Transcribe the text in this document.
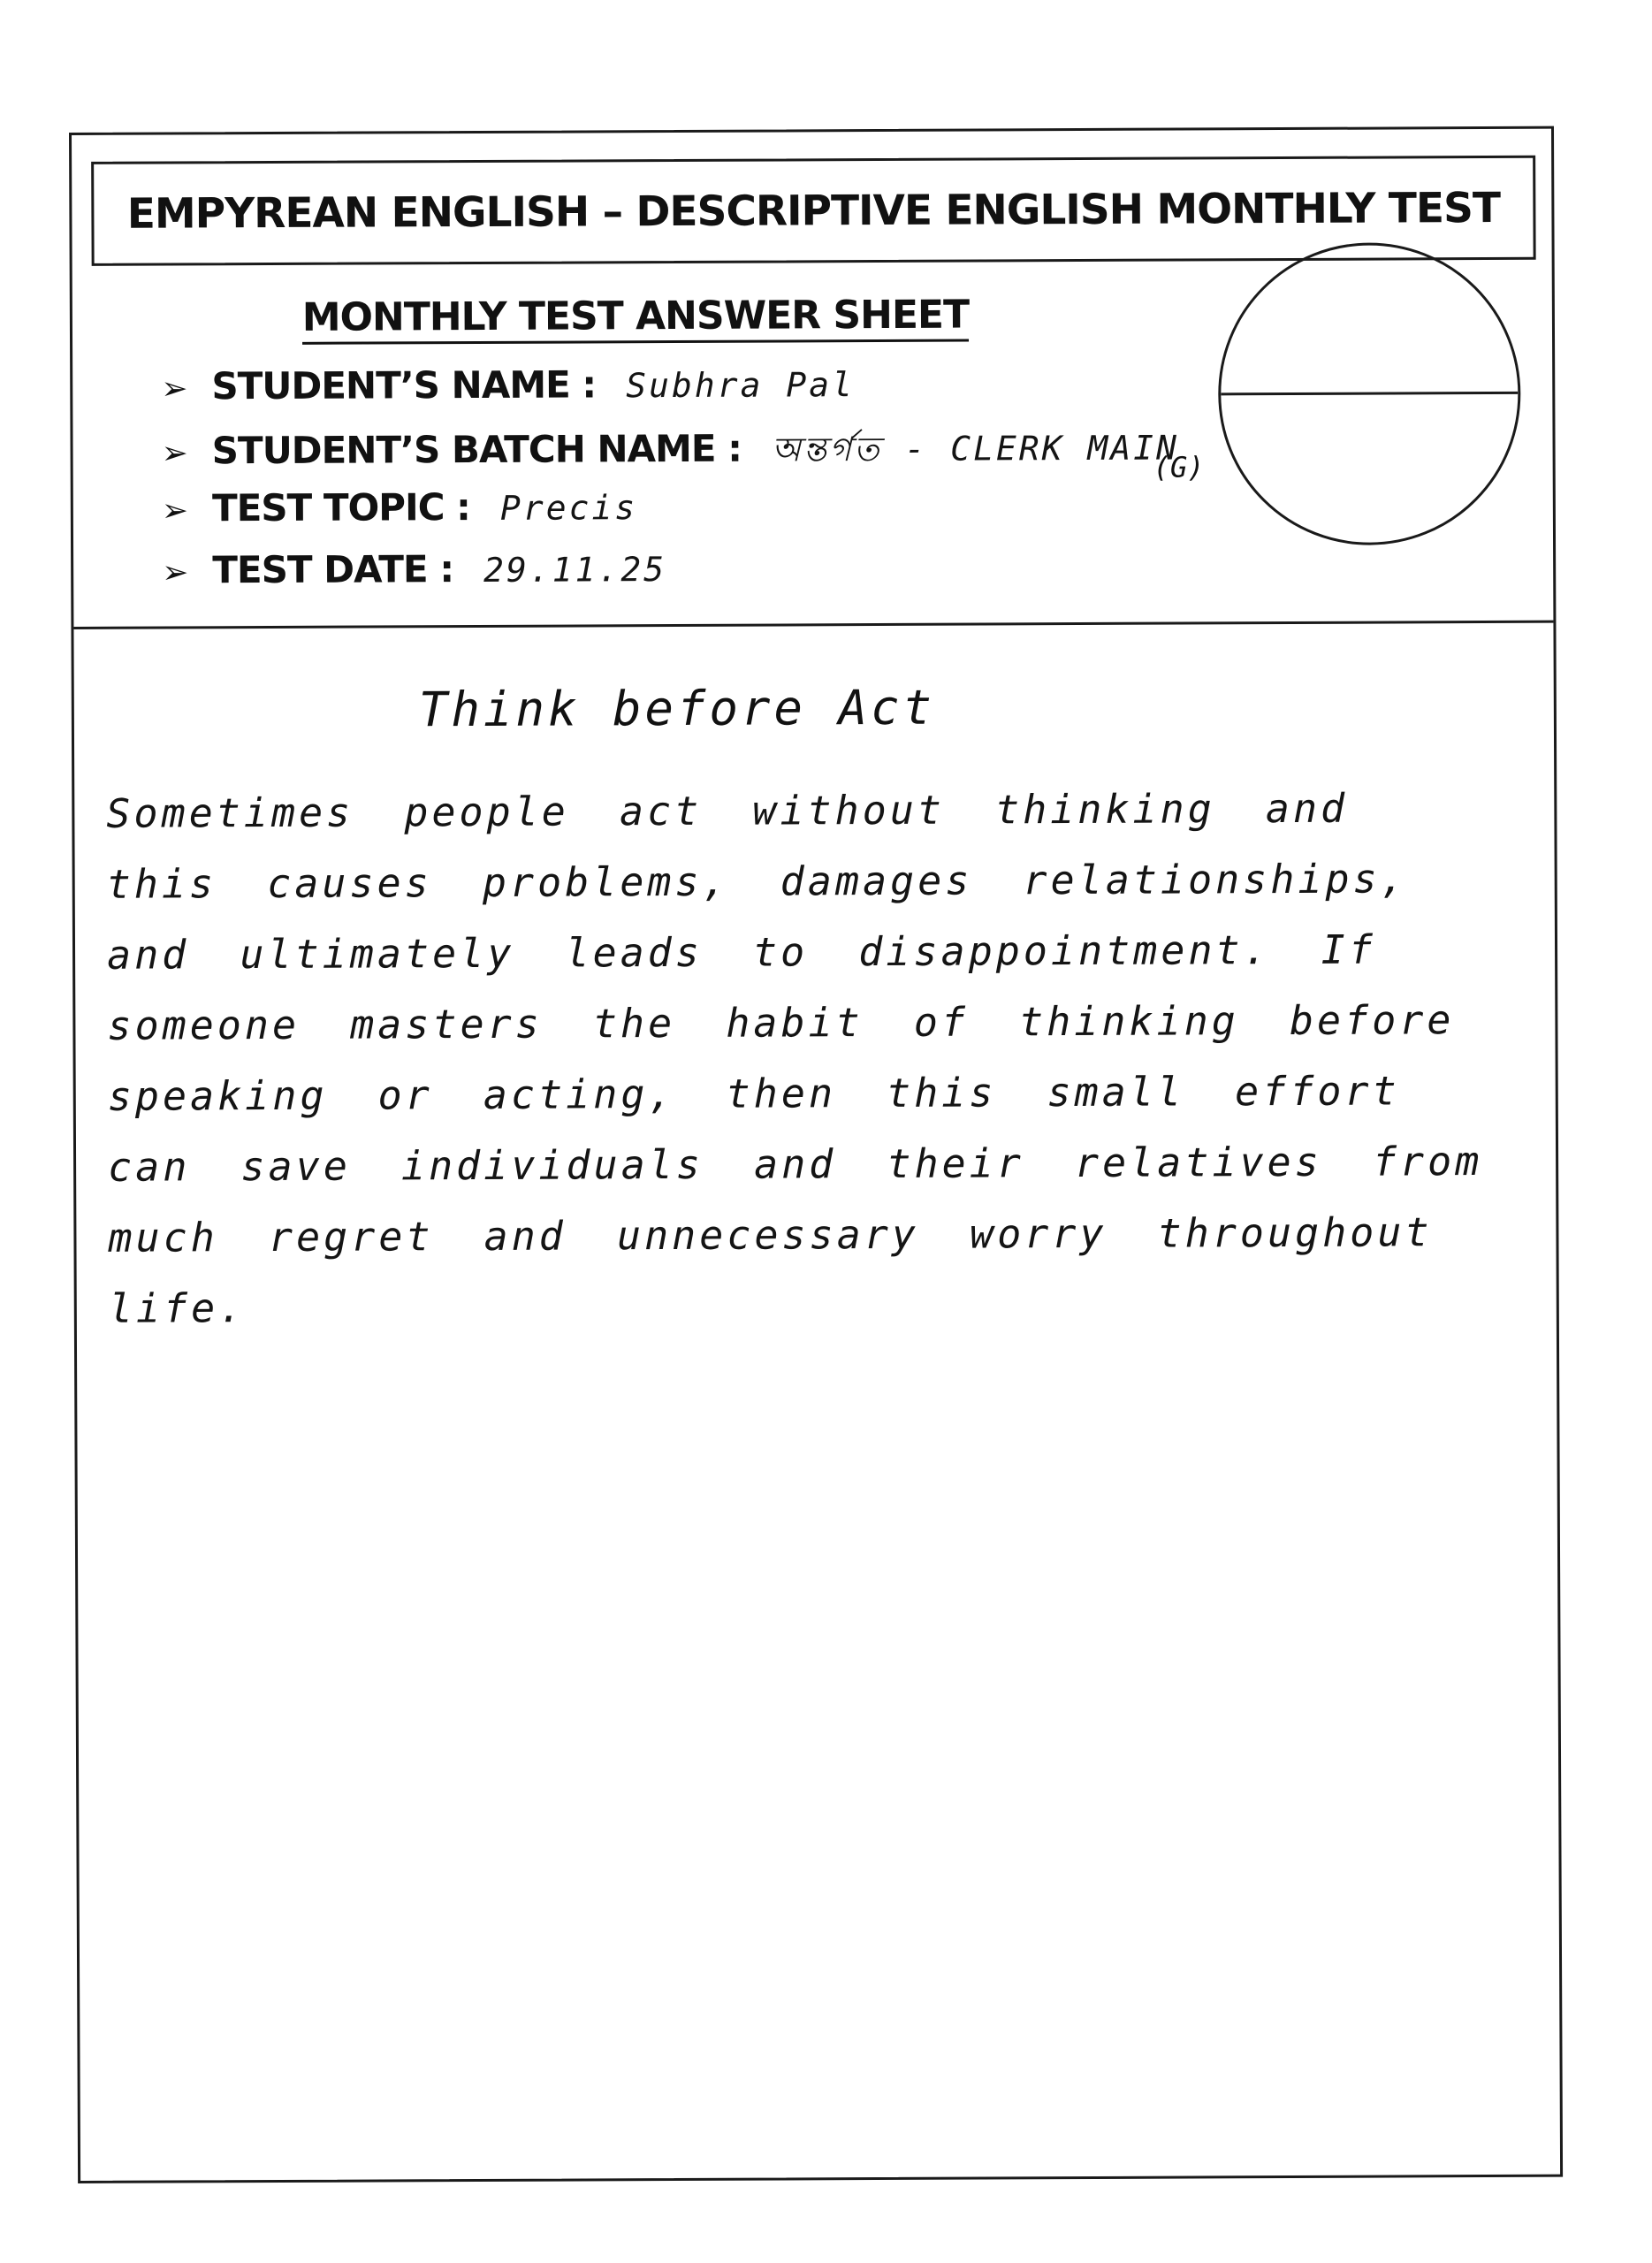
EMPYREAN ENGLISH – DESCRIPTIVE ENGLISH MONTHLY TEST
MONTHLY TEST ANSWER SHEET
➢ STUDENT’S NAME : Subhra Pal
➢ STUDENT’S BATCH NAME : অন্তর্গত - CLERK MAIN
(G)
➢ TEST TOPIC : Precis
➢ TEST DATE : 29.11.25
Think before Act
Sometimes people act without thinking and this causes problems, damages relationships, and ultimately leads to disappointment. If someone masters the habit of thinking before speaking or acting, then this small effort can save individuals and their relatives from much regret and unnecessary worry throughout life.
